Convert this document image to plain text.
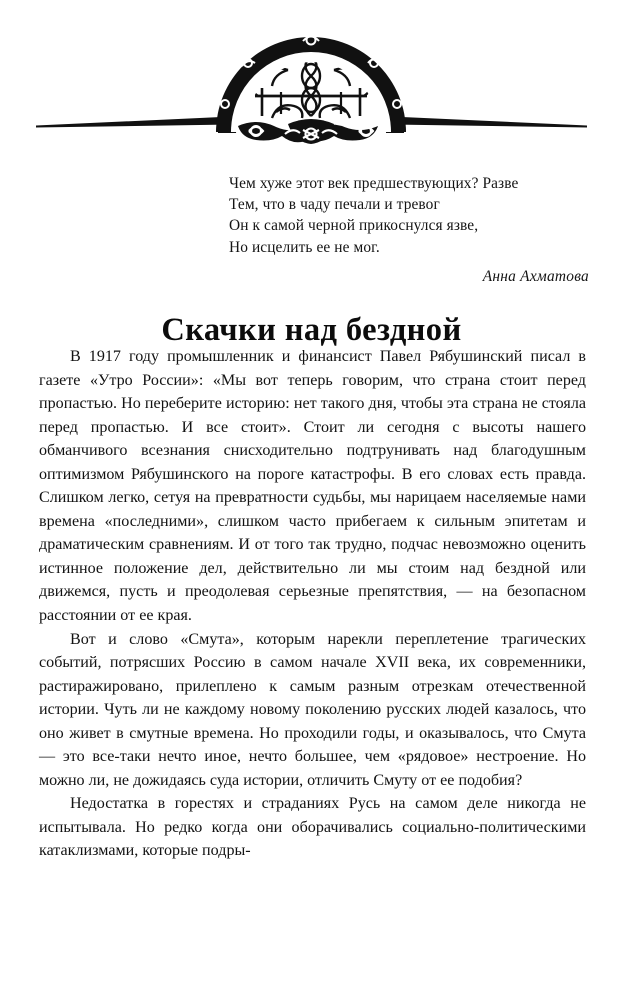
Чем хуже этот век предшествующих? Разве
Тем, что в чаду печали и тревог
Он к самой черной прикоснулся язве,
Но исцелить ее не мог.
Анна Ахматова
Скачки над бездной

В 1917 году промышленник и финансист Павел Рябушинский писал в газете «Утро России»: «Мы вот теперь говорим, что страна стоит перед пропастью. Но переберите историю: нет такого дня, чтобы эта страна не стояла перед пропастью. И все стоит». Стоит ли сегодня с высоты нашего обманчивого всезнания снисходительно подтрунивать над благодушным оптимизмом Рябушинского на пороге катастрофы. В его словах есть правда. Слишком легко, сетуя на превратности судьбы, мы нарицаем населяемые нами времена «последними», слишком часто прибегаем к сильным эпитетам и драматическим сравнениям. И от того так трудно, подчас невозможно оценить истинное положение дел, действительно ли мы стоим над бездной или движемся, пусть и преодолевая серьезные препятствия, — на безопасном расстоянии от ее края.

Вот и слово «Смута», которым нарекли переплетение трагических событий, потрясших Россию в самом начале XVII века, их современники, растиражировано, прилеплено к самым разным отрезкам отечественной истории. Чуть ли не каждому новому поколению русских людей казалось, что оно живет в смутные времена. Но проходили годы, и оказывалось, что Смута — это все-таки нечто иное, нечто большее, чем «рядовое» нестроение. Но можно ли, не дожидаясь суда истории, отличить Смуту от ее подобия?

Недостатка в горестях и страданиях Русь на самом деле никогда не испытывала. Но редко когда они оборачивались социально-политическими катаклизмами, которые подры-
